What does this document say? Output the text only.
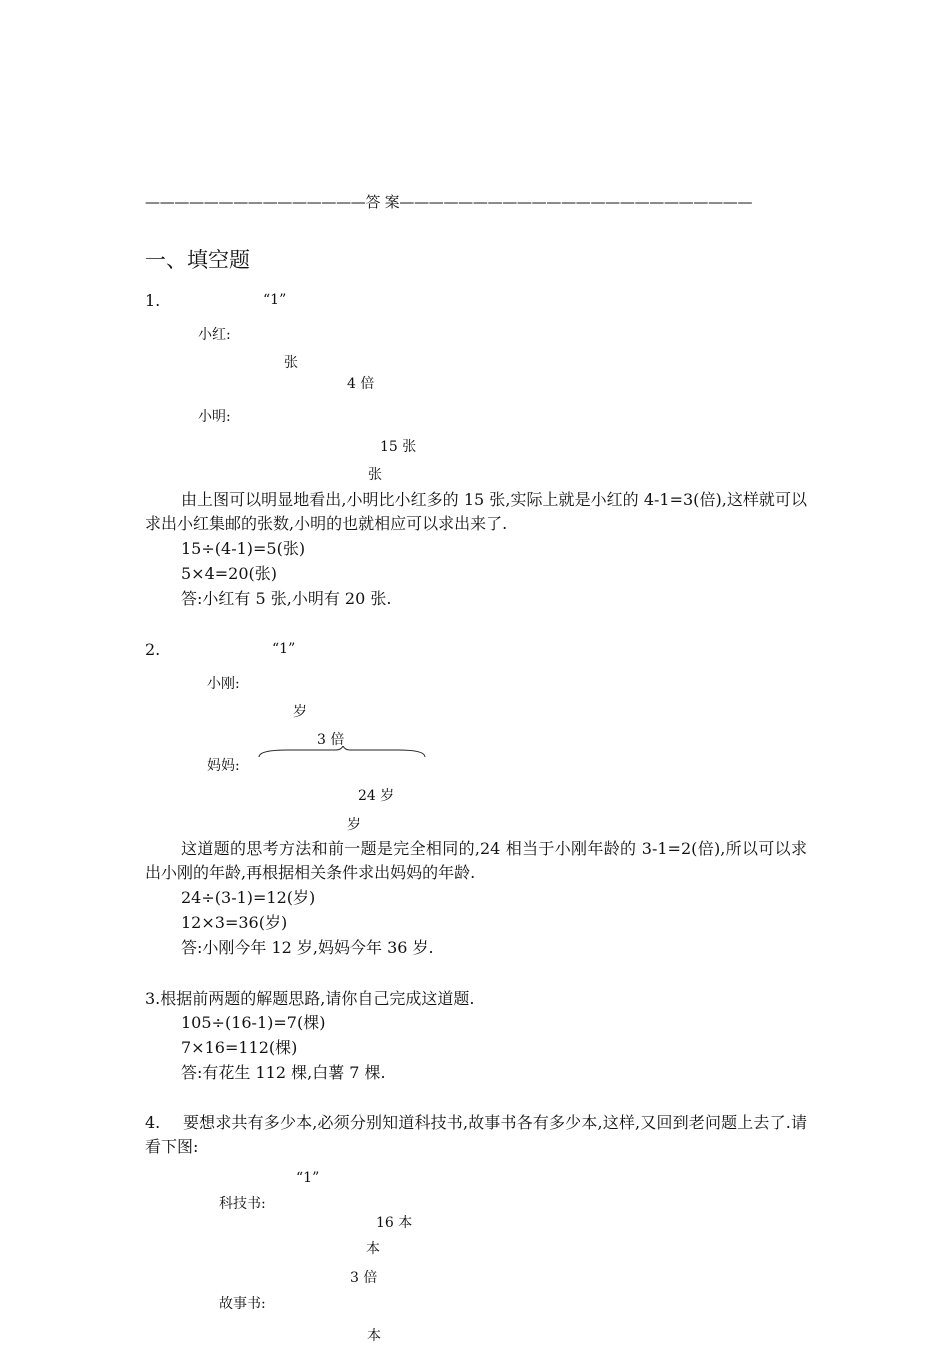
———————————————答 案————————————————————————
一、填空题
1.	“1”
小红:
张
4 倍
小明:
15 张
张
由上图可以明显地看出,小明比小红多的 15 张,实际上就是小红的 4-1=3(倍),这样就可以求出小红集邮的张数,小明的也就相应可以求出来了.
15÷(4-1)=5(张)
5×4=20(张)
答:小红有 5 张,小明有 20 张.
2.	“1”
小刚:
岁
3 倍
妈妈:
24 岁
岁
这道题的思考方法和前一题是完全相同的,24 相当于小刚年龄的 3-1=2(倍),所以可以求出小刚的年龄,再根据相关条件求出妈妈的年龄.
24÷(3-1)=12(岁)
12×3=36(岁)
答:小刚今年 12 岁,妈妈今年 36 岁.
3.根据前两题的解题思路,请你自己完成这道题.
105÷(16-1)=7(棵)
7×16=112(棵)
答:有花生 112 棵,白薯 7 棵.
4.	要想求共有多少本,必须分别知道科技书,故事书各有多少本,这样,又回到老问题上去了.请看下图:
“1”
科技书:
16 本
本
3 倍
故事书:
本
